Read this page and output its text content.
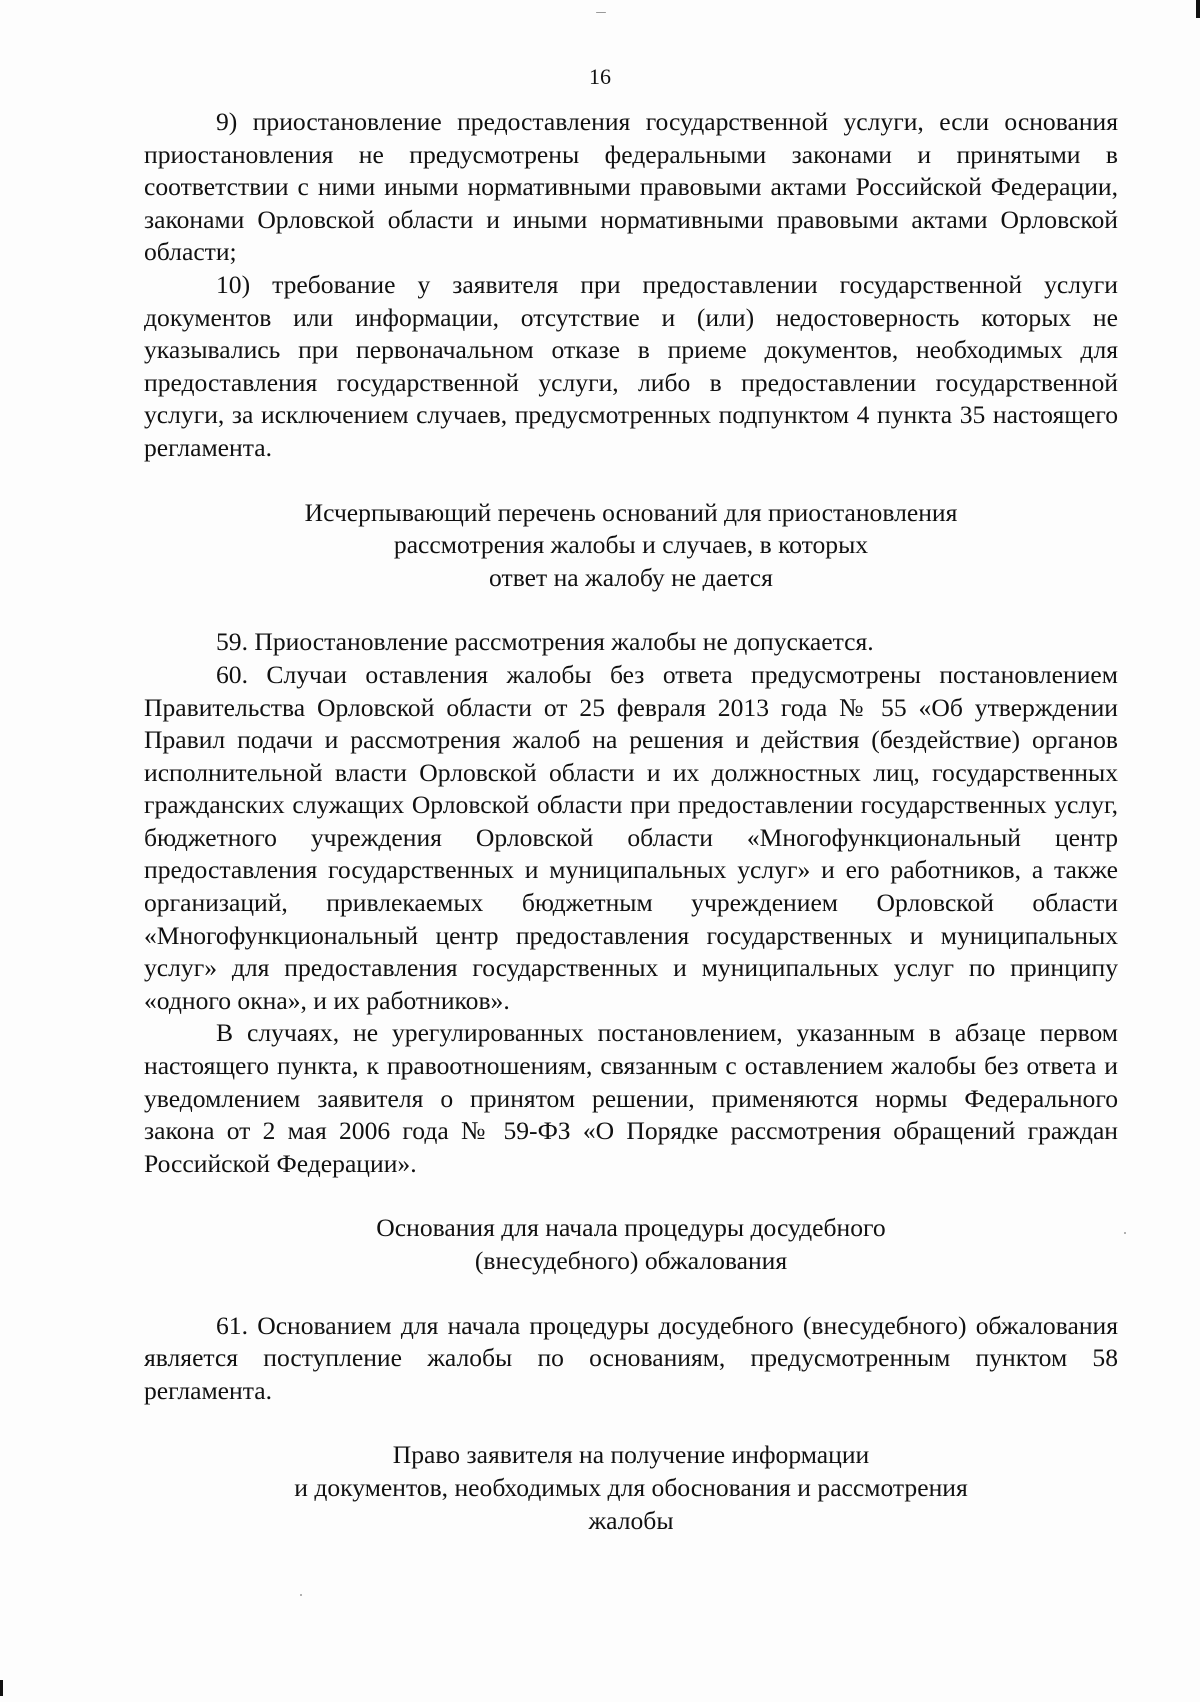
16

9) приостановление предоставления государственной услуги, если основания приостановления не предусмотрены федеральными законами и принятыми в соответствии с ними иными нормативными правовыми актами Российской Федерации, законами Орловской области и иными нормативными правовыми актами Орловской области;

10) требование у заявителя при предоставлении государственной услуги документов или информации, отсутствие и (или) недостоверность которых не указывались при первоначальном отказе в приеме документов, необходимых для предоставления государственной услуги, либо в предоставлении государственной услуги, за исключением случаев, предусмотренных подпунктом 4 пункта 35 настоящего регламента.

Исчерпывающий перечень оснований для приостановления
рассмотрения жалобы и случаев, в которых
ответ на жалобу не дается

59. Приостановление рассмотрения жалобы не допускается.

60. Случаи оставления жалобы без ответа предусмотрены постановлением Правительства Орловской области от 25 февраля 2013 года № 55 «Об утверждении Правил подачи и рассмотрения жалоб на решения и действия (бездействие) органов исполнительной власти Орловской области и их должностных лиц, государственных гражданских служащих Орловской области при предоставлении государственных услуг, бюджетного учреждения Орловской области «Многофункциональный центр предоставления государственных и муниципальных услуг» и его работников, а также организаций, привлекаемых бюджетным учреждением Орловской области «Многофункциональный центр предоставления государственных и муниципальных услуг» для предоставления государственных и муниципальных услуг по принципу «одного окна», и их работников».

В случаях, не урегулированных постановлением, указанным в абзаце первом настоящего пункта, к правоотношениям, связанным с оставлением жалобы без ответа и уведомлением заявителя о принятом решении, применяются нормы Федерального закона от 2 мая 2006 года № 59-ФЗ «О Порядке рассмотрения обращений граждан Российской Федерации».

Основания для начала процедуры досудебного
(внесудебного) обжалования

61. Основанием для начала процедуры досудебного (внесудебного) обжалования является поступление жалобы по основаниям, предусмотренным пунктом 58 регламента.

Право заявителя на получение информации
и документов, необходимых для обоснования и рассмотрения
жалобы
